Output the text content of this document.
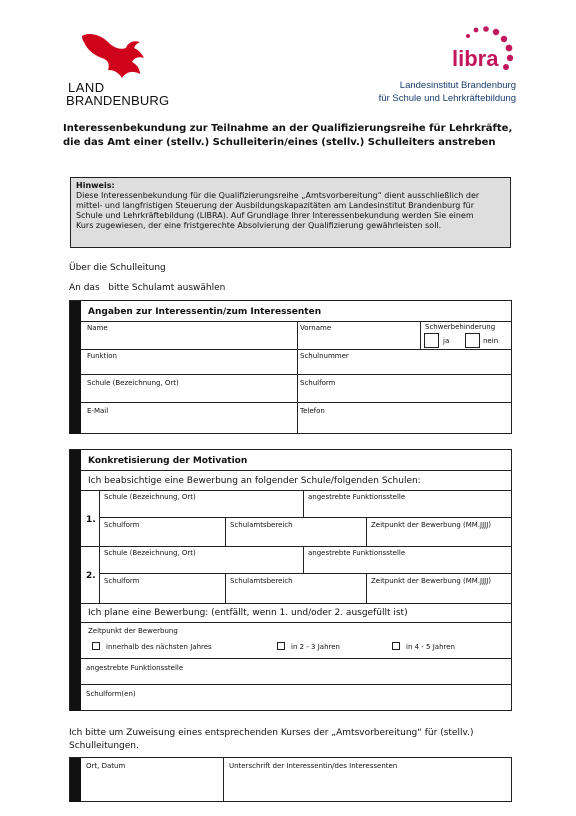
LAND
BRANDENBURG
libra
Landesinstitut Brandenburg
für Schule und Lehrkräftebildung
Interessenbekundung zur Teilnahme an der Qualifizierungsreihe für Lehrkräfte,
die das Amt einer (stellv.) Schulleiterin/eines (stellv.) Schulleiters anstreben
Hinweis:
Diese Interessenbekundung für die Qualifizierungsreihe „Amtsvorbereitung“ dient ausschließlich der
mittel- und langfristigen Steuerung der Ausbildungskapazitäten am Landesinstitut Brandenburg für
Schule und Lehrkräftebildung (LIBRA). Auf Grundlage Ihrer Interessenbekundung werden Sie einem
Kurs zugewiesen, der eine fristgerechte Absolvierung der Qualifizierung gewährleisten soll.
Über die Schulleitung
An das bitte Schulamt auswählen
Angaben zur Interessentin/zum Interessenten
Name	Vorname	Schwerbehinderung
ja	nein
Funktion	Schulnummer
Schule (Bezeichnung, Ort)	Schulform
E-Mail	Telefon
Konkretisierung der Motivation
Ich beabsichtige eine Bewerbung an folgender Schule/folgenden Schulen:
1.
Schule (Bezeichnung, Ort)	angestrebte Funktionsstelle
Schulform	Schulamtsbereich	Zeitpunkt der Bewerbung (MM.JJJJ)
2.
Schule (Bezeichnung, Ort)	angestrebte Funktionsstelle
Schulform	Schulamtsbereich	Zeitpunkt der Bewerbung (MM.JJJJ)
Ich plane eine Bewerbung: (entfällt, wenn 1. und/oder 2. ausgefüllt ist)
Zeitpunkt der Bewerbung
innerhalb des nächsten Jahres	in 2 - 3 Jahren	in 4 - 5 Jahren
angestrebte Funktionsstelle
Schulform(en)
Ich bitte um Zuweisung eines entsprechenden Kurses der „Amtsvorbereitung“ für (stellv.)
Schulleitungen.
Ort, Datum	Unterschrift der Interessentin/des Interessenten
